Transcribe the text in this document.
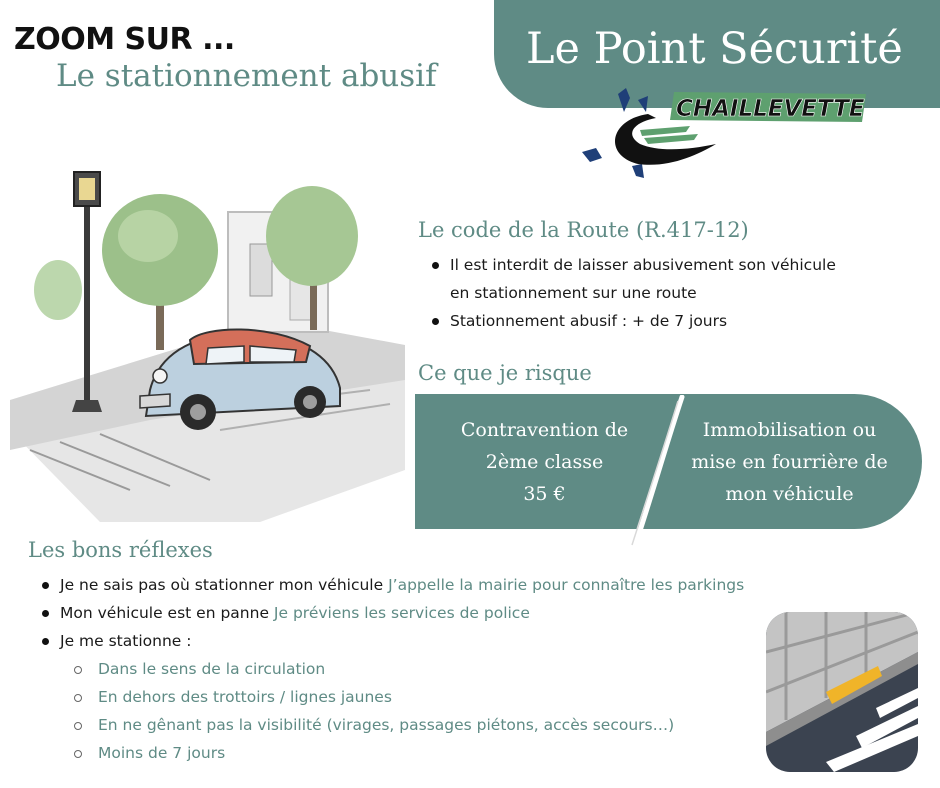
ZOOM SUR ...
Le stationnement abusif
Le Point Sécurité
CHAILLEVETTE
Le code de la Route (R.417-12)
Il est interdit de laisser abusivement son véhicule
en stationnement sur une route
Stationnement abusif : + de 7 jours
Ce que je risque
Contravention de
2ème classe
35 €
Immobilisation ou
mise en fourrière de
mon véhicule
Les bons réflexes
Je ne sais pas où stationner mon véhicule J’appelle la mairie pour connaître les parkings
Mon véhicule est en panne Je préviens les services de police
Je me stationne :
Dans le sens de la circulation
En dehors des trottoirs / lignes jaunes
En ne gênant pas la visibilité (virages, passages piétons, accès secours…)
Moins de 7 jours
